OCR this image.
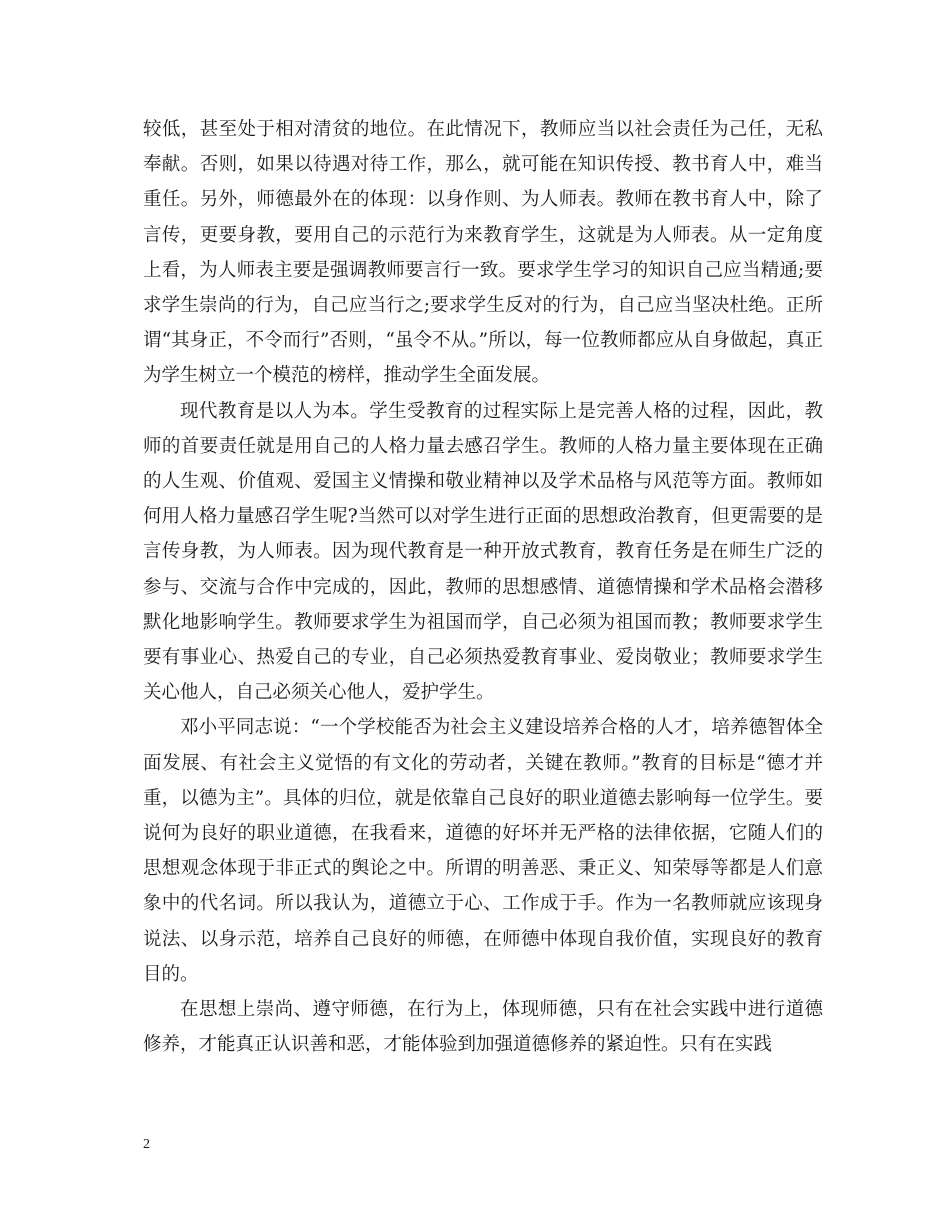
较低，甚至处于相对清贫的地位。在此情况下，教师应当以社会责任为己任，无私奉献。否则，如果以待遇对待工作，那么，就可能在知识传授、教书育人中，难当重任。另外，师德最外在的体现：以身作则、为人师表。教师在教书育人中，除了言传，更要身教，要用自己的示范行为来教育学生，这就是为人师表。从一定角度上看，为人师表主要是强调教师要言行一致。要求学生学习的知识自己应当精通;要求学生崇尚的行为，自己应当行之;要求学生反对的行为，自己应当坚决杜绝。正所谓“其身正，不令而行”否则，“虽令不从。”所以，每一位教师都应从自身做起，真正为学生树立一个模范的榜样，推动学生全面发展。

现代教育是以人为本。学生受教育的过程实际上是完善人格的过程，因此，教师的首要责任就是用自己的人格力量去感召学生。教师的人格力量主要体现在正确的人生观、价值观、爱国主义情操和敬业精神以及学术品格与风范等方面。教师如何用人格力量感召学生呢?当然可以对学生进行正面的思想政治教育，但更需要的是言传身教，为人师表。因为现代教育是一种开放式教育，教育任务是在师生广泛的参与、交流与合作中完成的，因此，教师的思想感情、道德情操和学术品格会潜移默化地影响学生。教师要求学生为祖国而学，自己必须为祖国而教；教师要求学生要有事业心、热爱自己的专业，自己必须热爱教育事业、爱岗敬业；教师要求学生关心他人，自己必须关心他人，爱护学生。

邓小平同志说：“一个学校能否为社会主义建设培养合格的人才，培养德智体全面发展、有社会主义觉悟的有文化的劳动者，关键在教师。”教育的目标是“德才并重，以德为主”。具体的归位，就是依靠自己良好的职业道德去影响每一位学生。要说何为良好的职业道德，在我看来，道德的好坏并无严格的法律依据，它随人们的思想观念体现于非正式的舆论之中。所谓的明善恶、秉正义、知荣辱等都是人们意象中的代名词。所以我认为，道德立于心、工作成于手。作为一名教师就应该现身说法、以身示范，培养自己良好的师德，在师德中体现自我价值，实现良好的教育目的。

在思想上崇尚、遵守师德，在行为上，体现师德，只有在社会实践中进行道德修养，才能真正认识善和恶，才能体验到加强道德修养的紧迫性。只有在实践

2
